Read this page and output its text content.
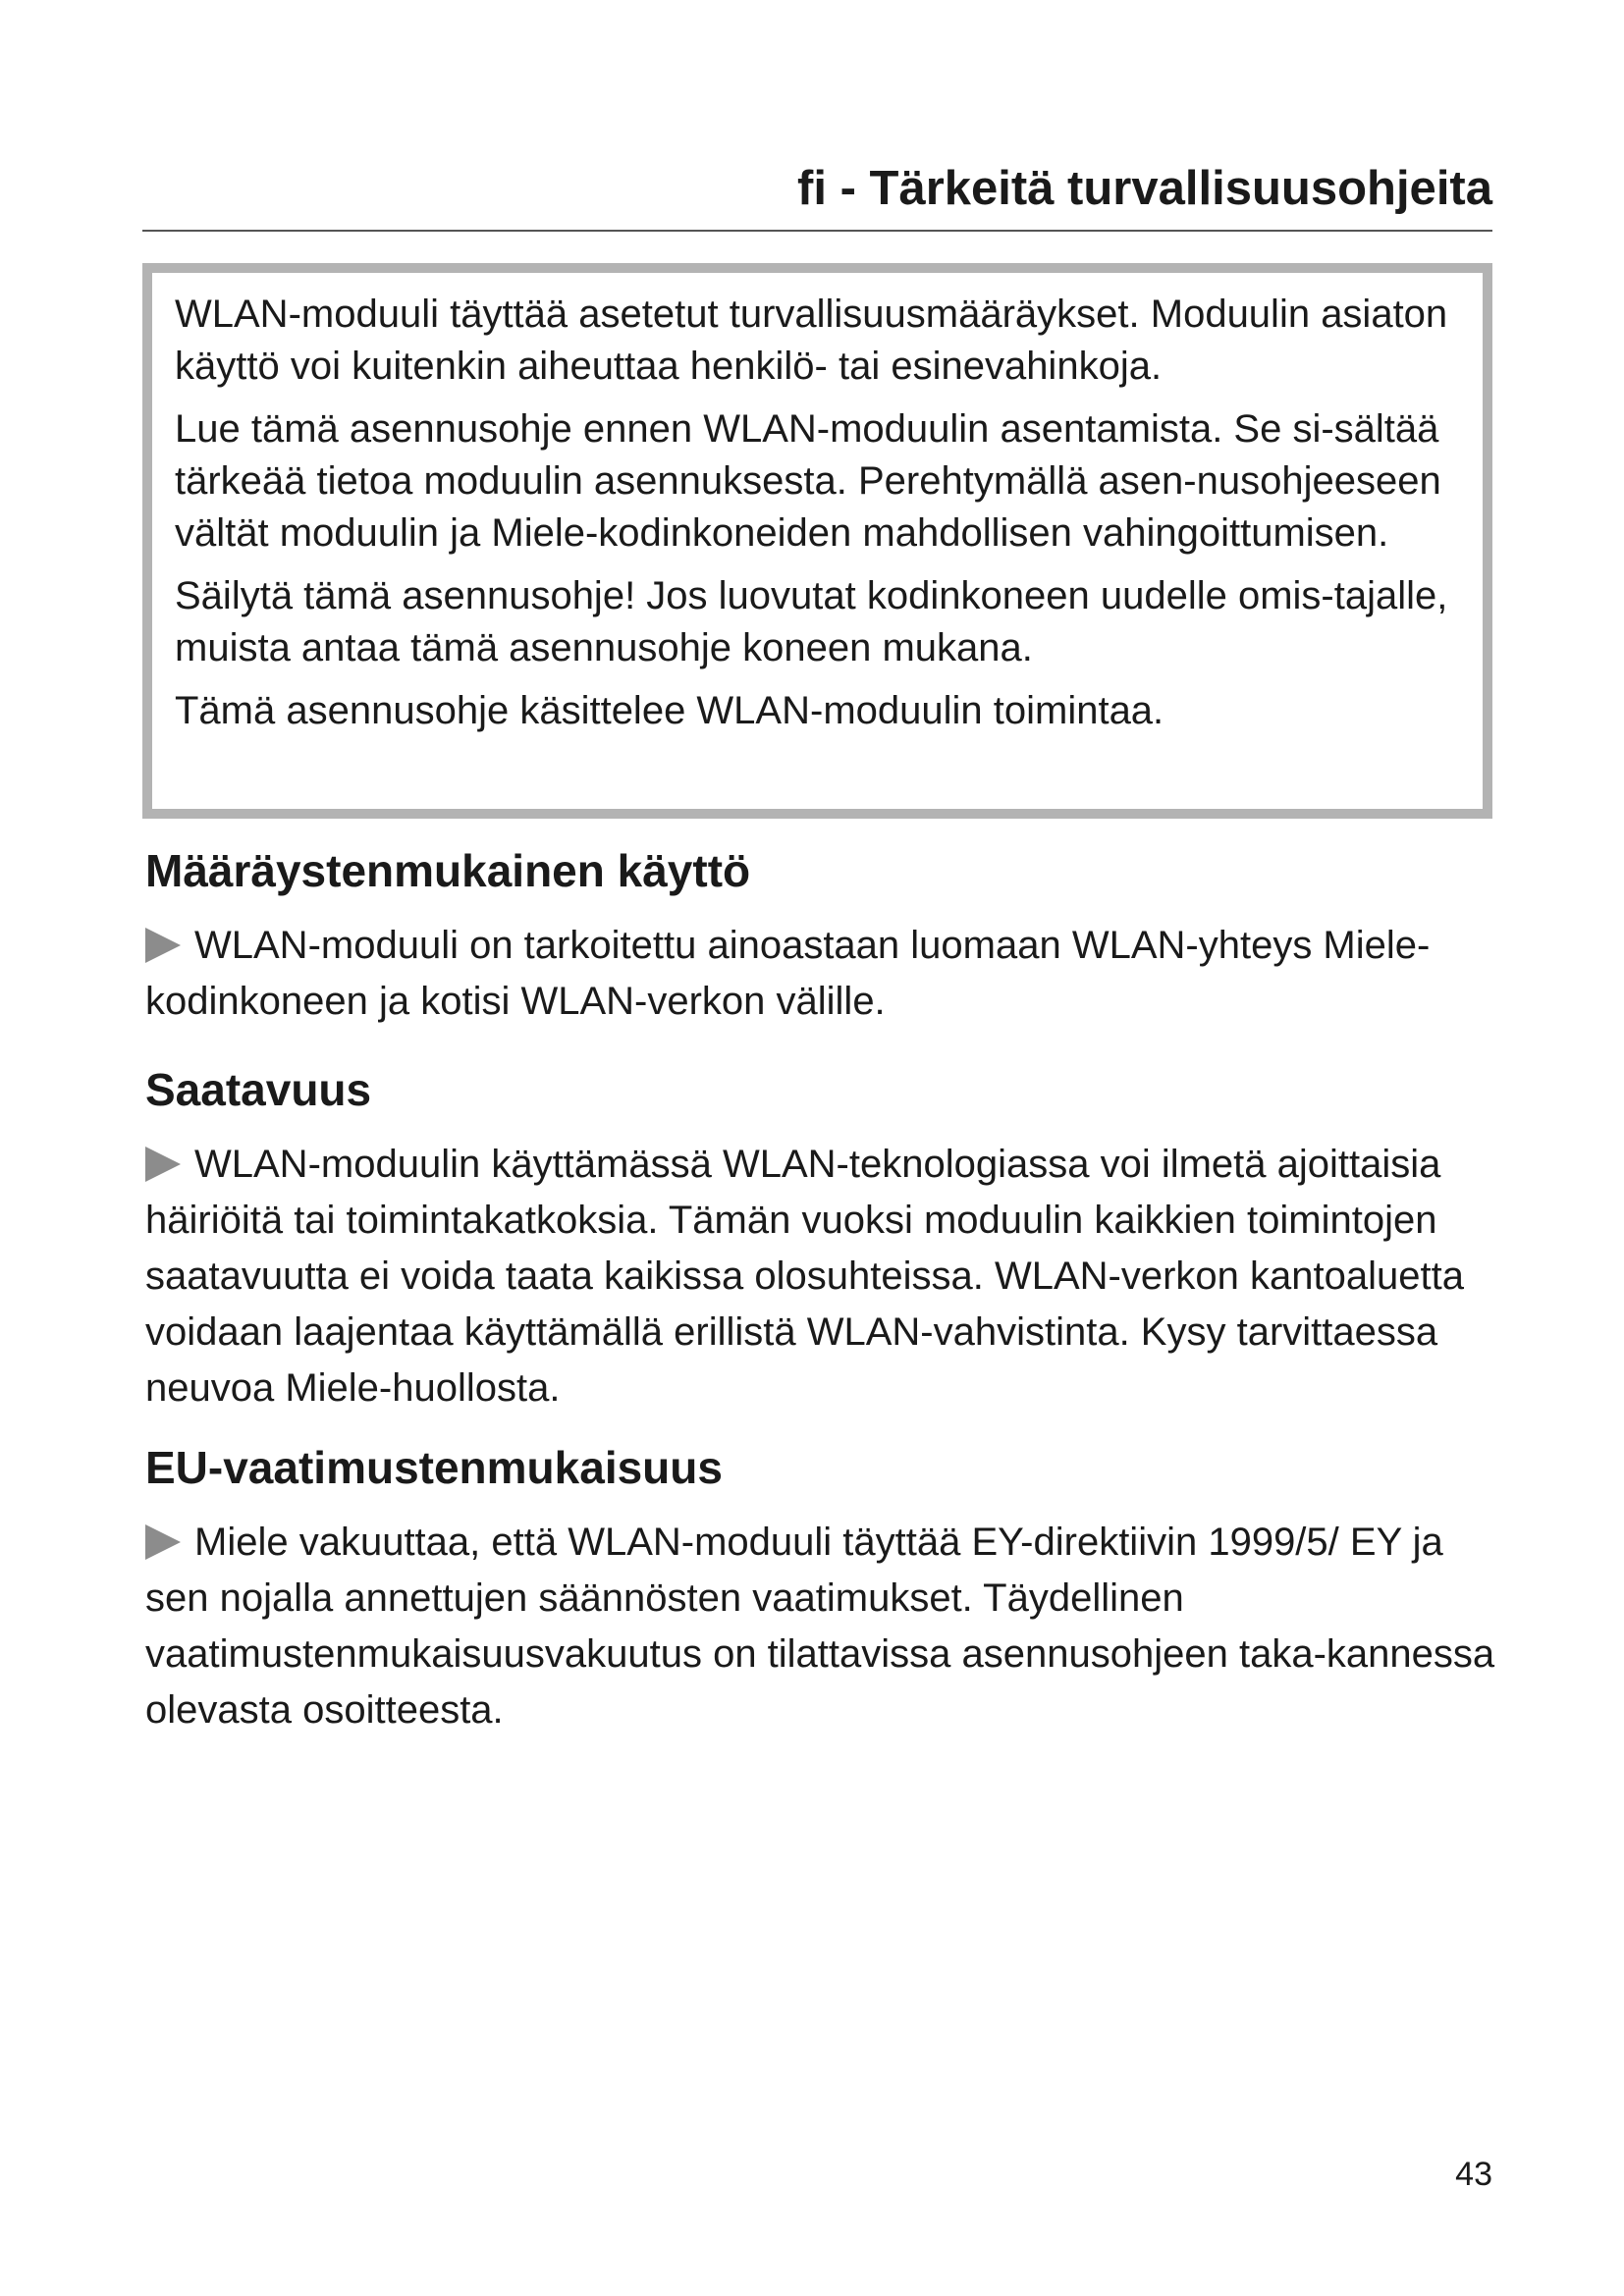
fi - Tärkeitä turvallisuusohjeita

WLAN-moduuli täyttää asetetut turvallisuusmääräykset. Moduulin asiaton käyttö voi kuitenkin aiheuttaa henkilö- tai esinevahinkoja.

Lue tämä asennusohje ennen WLAN-moduulin asentamista. Se si-sältää tärkeää tietoa moduulin asennuksesta. Perehtymällä asen-nusohjeeseen vältät moduulin ja Miele-kodinkoneiden mahdollisen vahingoittumisen.

Säilytä tämä asennusohje! Jos luovutat kodinkoneen uudelle omis-tajalle, muista antaa tämä asennusohje koneen mukana.

Tämä asennusohje käsittelee WLAN-moduulin toimintaa.

Määräystenmukainen käyttö

WLAN-moduuli on tarkoitettu ainoastaan luomaan WLAN-yhteys Miele-kodinkoneen ja kotisi WLAN-verkon välille.

Saatavuus

WLAN-moduulin käyttämässä WLAN-teknologiassa voi ilmetä ajoittaisia häiriöitä tai toimintakatkoksia. Tämän vuoksi moduulin kaikkien toimintojen saatavuutta ei voida taata kaikissa olosuhteissa. WLAN-verkon kantoaluetta voidaan laajentaa käyttämällä erillistä WLAN-vahvistinta. Kysy tarvittaessa neuvoa Miele-huollosta.

EU-vaatimustenmukaisuus

Miele vakuuttaa, että WLAN-moduuli täyttää EY-direktiivin 1999/5/ EY ja sen nojalla annettujen säännösten vaatimukset. Täydellinen vaatimustenmukaisuusvakuutus on tilattavissa asennusohjeen taka-kannessa olevasta osoitteesta.

43
